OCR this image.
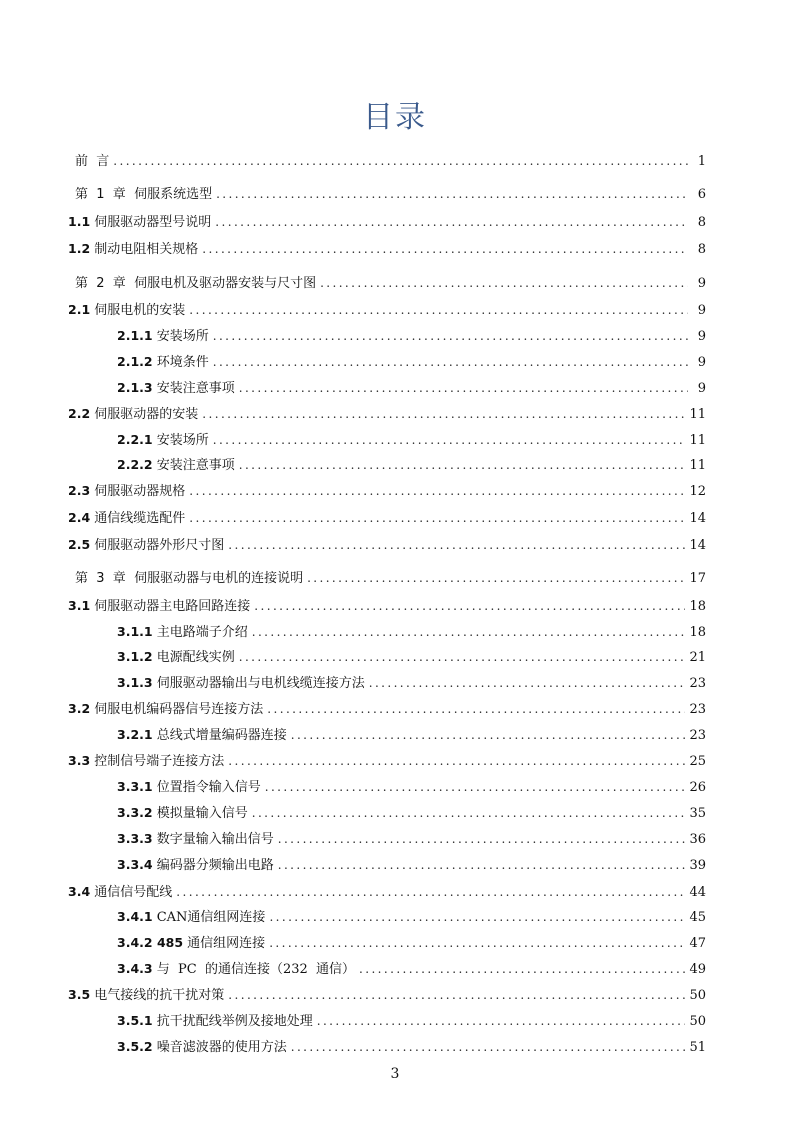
目录
前  言 .....	1
第  1  章  伺服系统选型 .....	6
1.1 伺服驱动器型号说明 .....	8
1.2 制动电阻相关规格 .....	8
第  2  章  伺服电机及驱动器安装与尺寸图 .....	9
2.1 伺服电机的安装 .....	9
2.1.1 安装场所 .....	9
2.1.2 环境条件 .....	9
2.1.3 安装注意事项 .....	9
2.2 伺服驱动器的安装 .....	11
2.2.1 安装场所 .....	11
2.2.2 安装注意事项 .....	11
2.3 伺服驱动器规格 .....	12
2.4 通信线缆选配件 .....	14
2.5 伺服驱动器外形尺寸图 .....	14
第  3  章  伺服驱动器与电机的连接说明 .....	17
3.1 伺服驱动器主电路回路连接 .....	18
3.1.1 主电路端子介绍 .....	18
3.1.2 电源配线实例 .....	21
3.1.3 伺服驱动器输出与电机线缆连接方法 .....	23
3.2 伺服电机编码器信号连接方法 .....	23
3.2.1 总线式增量编码器连接 .....	23
3.3 控制信号端子连接方法 .....	25
3.3.1 位置指令输入信号 .....	26
3.3.2 模拟量输入信号 .....	35
3.3.3 数字量输入输出信号 .....	36
3.3.4 编码器分频输出电路 .....	39
3.4 通信信号配线 .....	44
3.4.1 CAN通信组网连接 .....	45
3.4.2 485 通信组网连接 .....	47
3.4.3 与  PC  的通信连接（232  通信） .....	49
3.5 电气接线的抗干扰对策 .....	50
3.5.1 抗干扰配线举例及接地处理 .....	50
3.5.2 噪音滤波器的使用方法 .....	51
3
